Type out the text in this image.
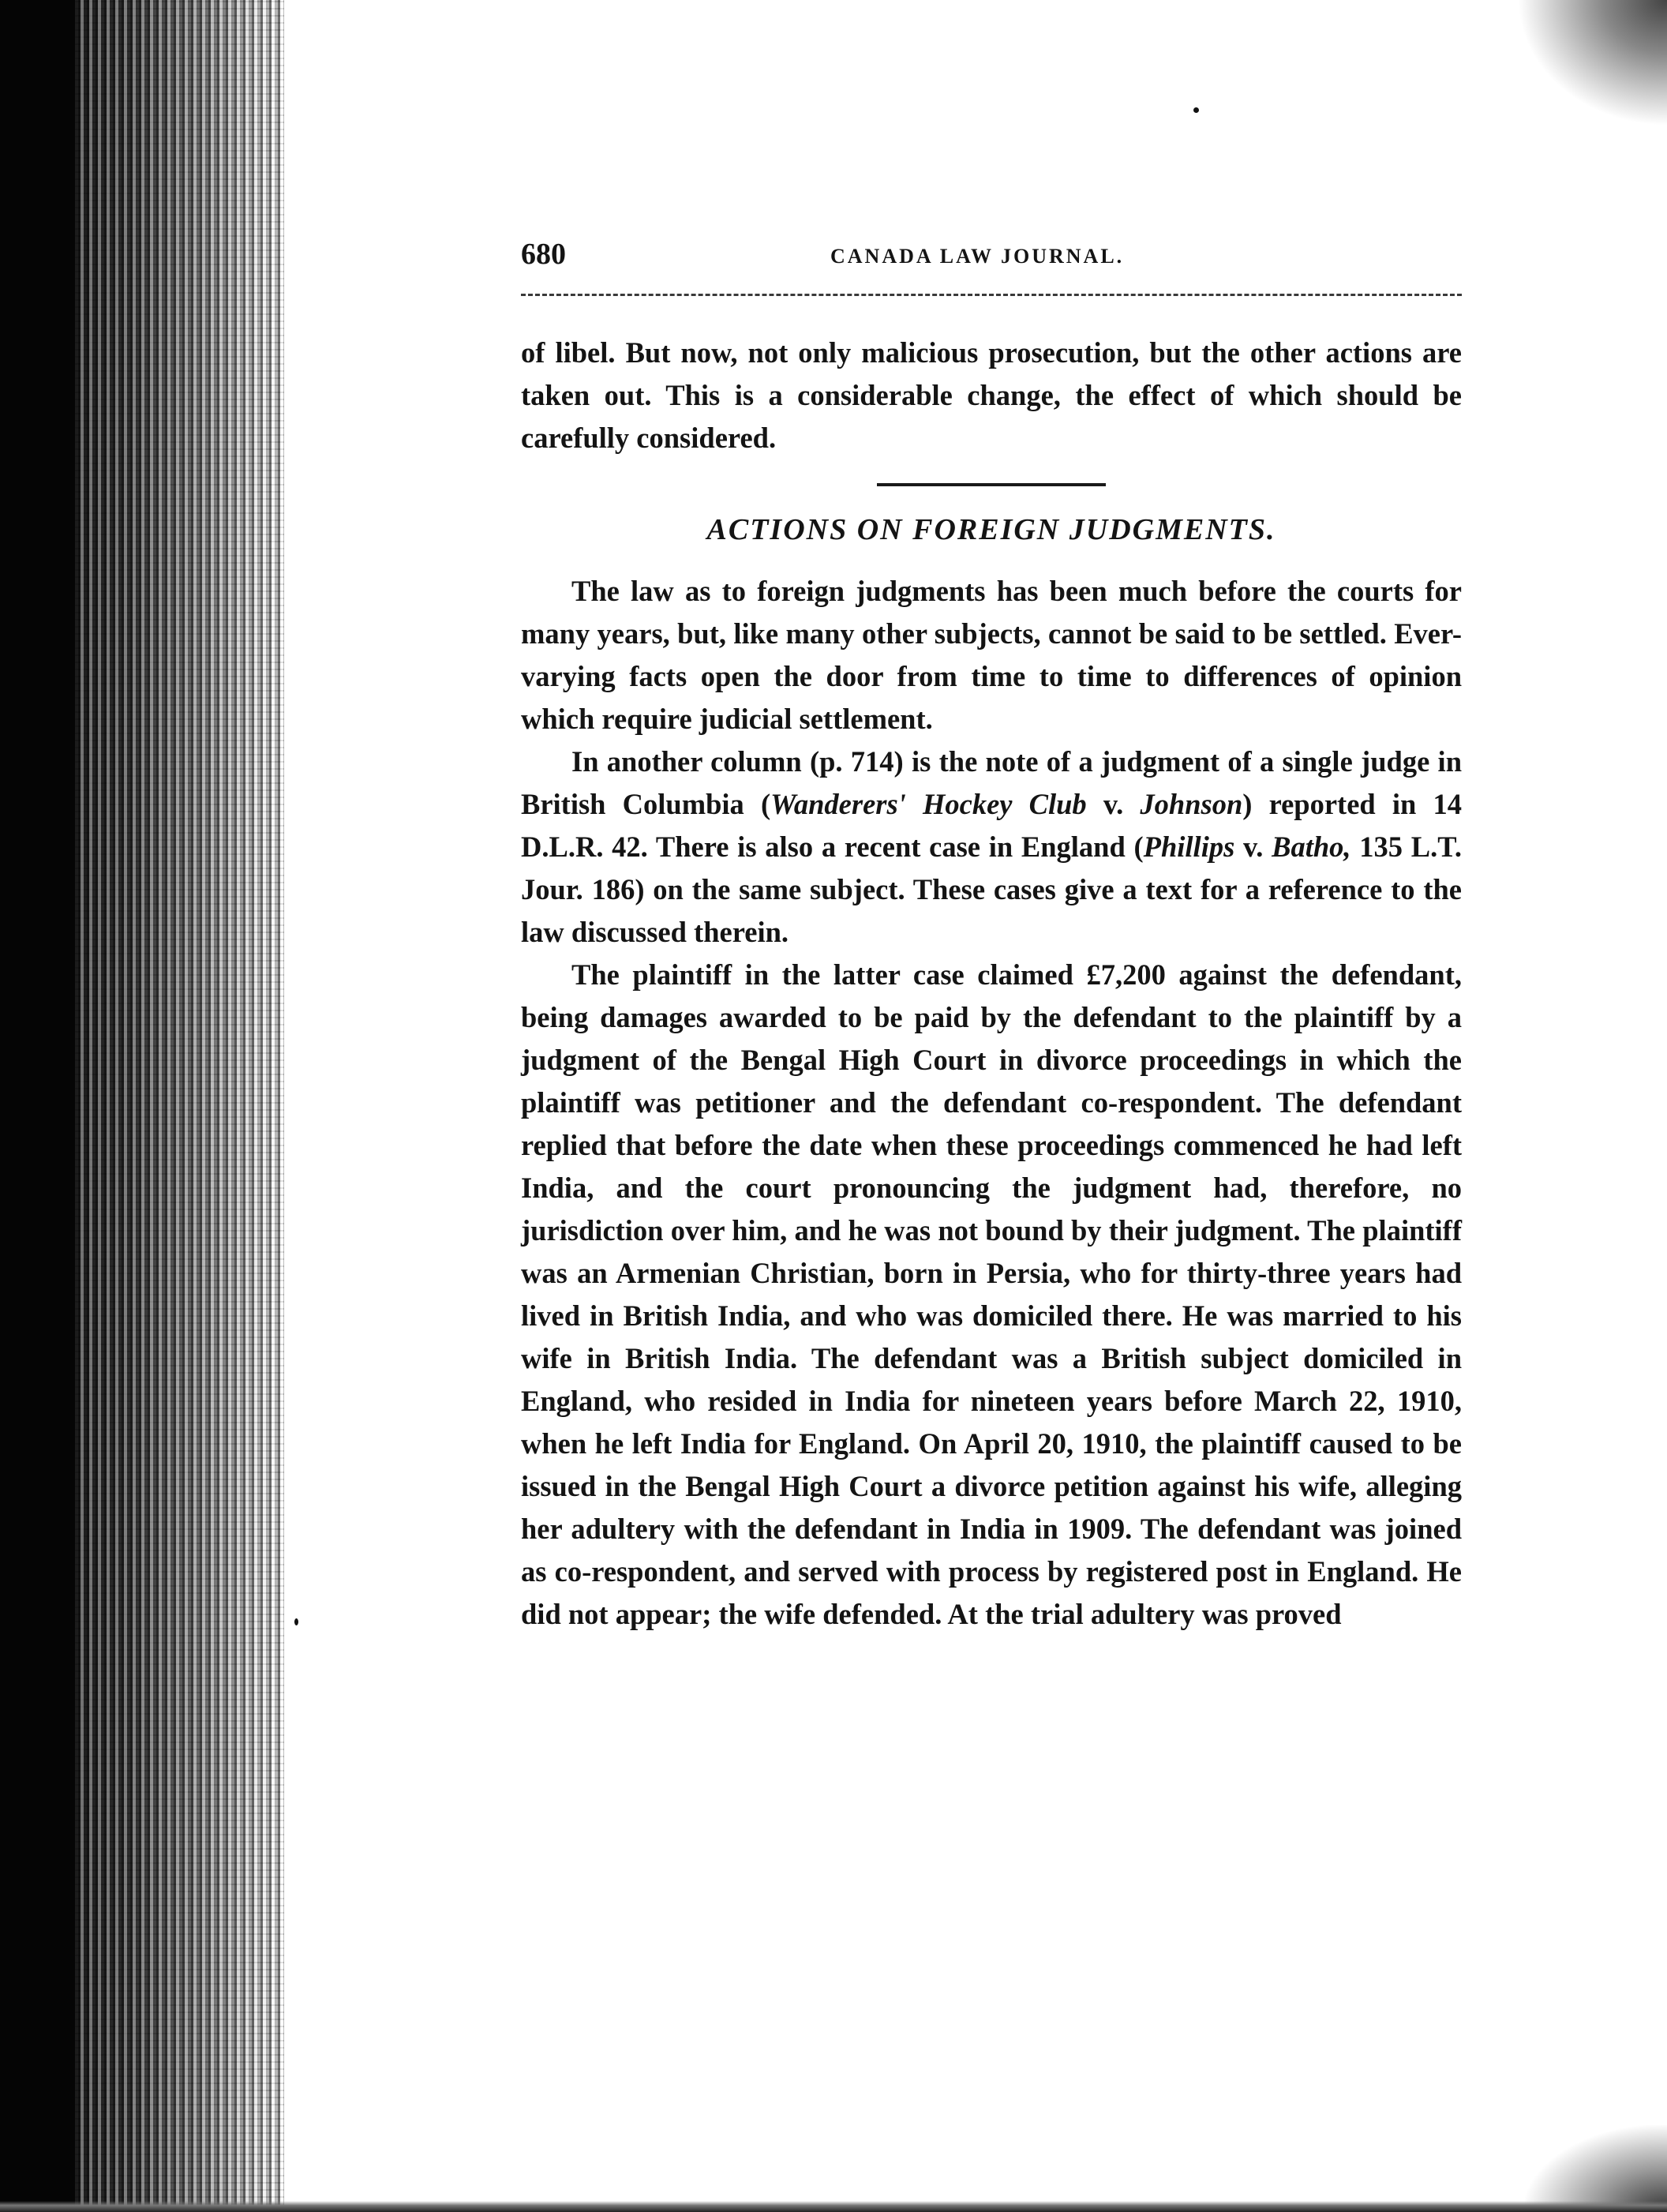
680	CANADA LAW JOURNAL.

of libel. But now, not only malicious prosecution, but the other actions are taken out. This is a considerable change, the effect of which should be carefully considered.

ACTIONS ON FOREIGN JUDGMENTS.

The law as to foreign judgments has been much before the courts for many years, but, like many other subjects, cannot be said to be settled. Ever-varying facts open the door from time to time to differences of opinion which require judicial settlement.

In another column (p. 714) is the note of a judgment of a single judge in British Columbia (Wanderers' Hockey Club v. Johnson) reported in 14 D.L.R. 42. There is also a recent case in England (Phillips v. Batho, 135 L.T. Jour. 186) on the same subject. These cases give a text for a reference to the law discussed therein.

The plaintiff in the latter case claimed £7,200 against the defendant, being damages awarded to be paid by the defendant to the plaintiff by a judgment of the Bengal High Court in divorce proceedings in which the plaintiff was petitioner and the defendant co-respondent. The defendant replied that before the date when these proceedings commenced he had left India, and the court pronouncing the judgment had, therefore, no jurisdiction over him, and he was not bound by their judgment. The plaintiff was an Armenian Christian, born in Persia, who for thirty-three years had lived in British India, and who was domiciled there. He was married to his wife in British India. The defendant was a British subject domiciled in England, who resided in India for nineteen years before March 22, 1910, when he left India for England. On April 20, 1910, the plaintiff caused to be issued in the Bengal High Court a divorce petition against his wife, alleging her adultery with the defendant in India in 1909. The defendant was joined as co-respondent, and served with process by registered post in England. He did not appear; the wife defended. At the trial adultery was proved
